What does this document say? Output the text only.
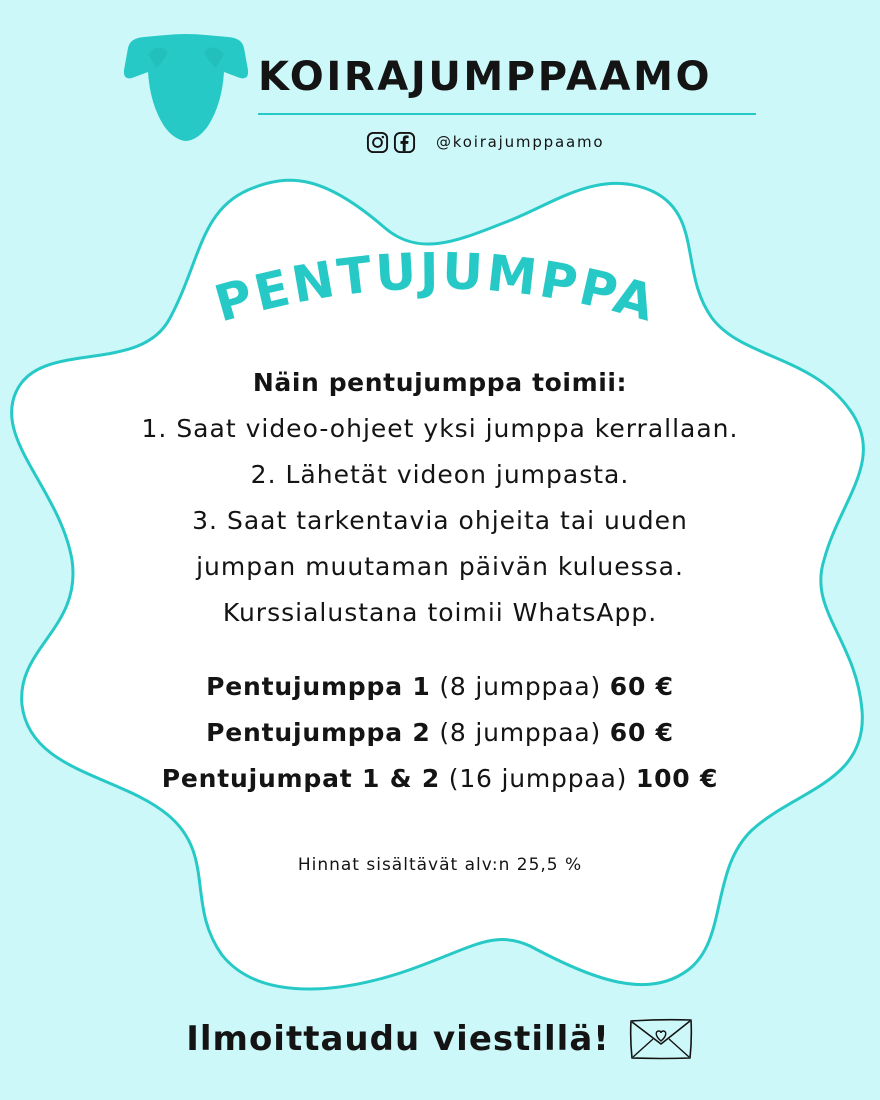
KOIRAJUMPPAAMO
@koirajumppaamo
PENTUJUMPPA
Näin pentujumppa toimii:
1. Saat video-ohjeet yksi jumppa kerrallaan.
2. Lähetät videon jumpasta.
3. Saat tarkentavia ohjeita tai uuden
jumpan muutaman päivän kuluessa.
Kurssialustana toimii WhatsApp.
Pentujumppa 1 (8 jumppaa) 60 €
Pentujumppa 2 (8 jumppaa) 60 €
Pentujumpat 1 & 2 (16 jumppaa) 100 €
Hinnat sisältävät alv:n 25,5 %
Ilmoittaudu viestillä!
